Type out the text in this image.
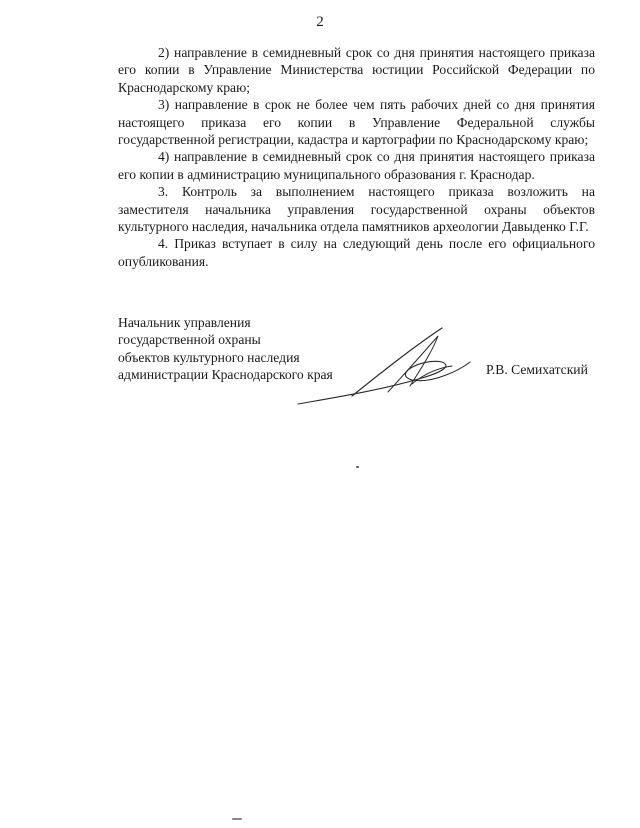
2

2) направление в семидневный срок со дня принятия настоящего приказа его копии в Управление Министерства юстиции Российской Федерации по Краснодарскому краю;

3) направление в срок не более чем пять рабочих дней со дня принятия настоящего приказа его копии в Управление Федеральной службы государственной регистрации, кадастра и картографии по Краснодарскому краю;

4) направление в семидневный срок со дня принятия настоящего приказа его копии в администрацию муниципального образования г. Краснодар.

3. Контроль за выполнением настоящего приказа возложить на заместителя начальника управления государственной охраны объектов культурного наследия, начальника отдела памятников археологии Давыденко Г.Г.

4. Приказ вступает в силу на следующий день после его официального опубликования.

Начальник управления
государственной охраны
объектов культурного наследия
администрации Краснодарского края	Р.В. Семихатский
